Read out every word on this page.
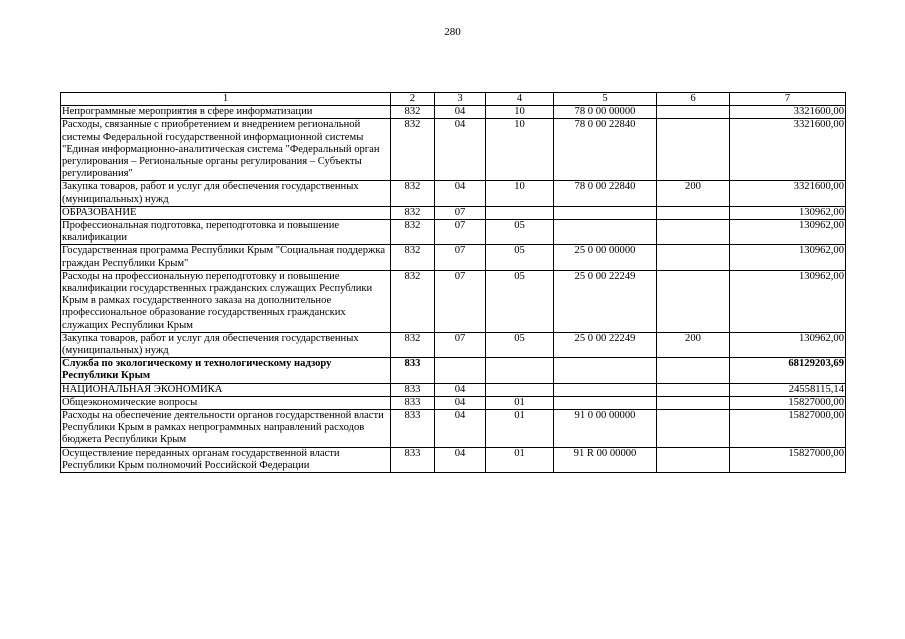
280
1	2	3	4	5	6	7
Непрограммные мероприятия в сфере информатизации	832	04	10	78 0 00 00000		3321600,00
Расходы, связанные с приобретением и внедрением региональной системы Федеральной государственной информационной системы "Единая информационно-аналитическая система "Федеральный орган регулирования – Региональные органы регулирования – Субъекты регулирования"	832	04	10	78 0 00 22840		3321600,00
Закупка товаров, работ и услуг для обеспечения государственных (муниципальных) нужд	832	04	10	78 0 00 22840	200	3321600,00
ОБРАЗОВАНИЕ	832	07				130962,00
Профессиональная подготовка, переподготовка и повышение квалификации	832	07	05			130962,00
Государственная программа Республики Крым "Социальная поддержка граждан Республики Крым"	832	07	05	25 0 00 00000		130962,00
Расходы на профессиональную переподготовку и повышение квалификации государственных гражданских служащих Республики Крым в рамках государственного заказа на дополнительное профессиональное образование государственных гражданских служащих Республики Крым	832	07	05	25 0 00 22249		130962,00
Закупка товаров, работ и услуг для обеспечения государственных (муниципальных) нужд	832	07	05	25 0 00 22249	200	130962,00
Служба по экологическому и технологическому надзору Республики Крым	833					68129203,69
НАЦИОНАЛЬНАЯ ЭКОНОМИКА	833	04				24558115,14
Общеэкономические вопросы	833	04	01			15827000,00
Расходы на обеспечение деятельности органов государственной власти Республики Крым в рамках непрограммных направлений расходов бюджета Республики Крым	833	04	01	91 0 00 00000		15827000,00
Осуществление переданных органам государственной власти Республики Крым полномочий Российской Федерации	833	04	01	91 R 00 00000		15827000,00
